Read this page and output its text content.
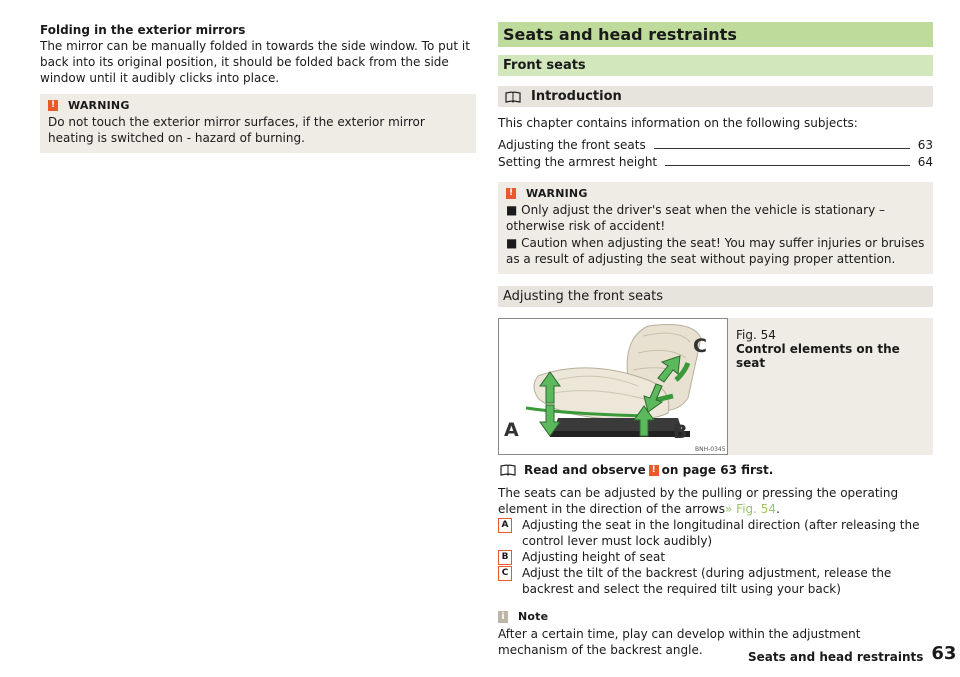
Folding in the exterior mirrors

The mirror can be manually folded in towards the side window. To put it back into its original position, it should be folded back from the side window until it audibly clicks into place.

! WARNING
Do not touch the exterior mirror surfaces, if the exterior mirror heating is switched on - hazard of burning.
Seats and head restraints
Front seats
Introduction

This chapter contains information on the following subjects:

Adjusting the front seats	63
Setting the armrest height	64
! WARNING
■ Only adjust the driver's seat when the vehicle is stationary – otherwise risk of accident!
■ Caution when adjusting the seat! You may suffer injuries or bruises as a result of adjusting the seat without paying proper attention.
Adjusting the front seats
A	B
C
BNH-0345
Fig. 54
Control elements on the seat
Read and observe ! on page 63 first.

The seats can be adjusted by the pulling or pressing the operating element in the direction of the arrows» Fig. 54.

A Adjusting the seat in the longitudinal direction (after releasing the control lever must lock audibly)
B Adjusting height of seat
C	Adjust the tilt of the backrest (during adjustment, release the backrest and select the required tilt using your back)
i	Note

After a certain time, play can develop within the adjustment mechanism of the backrest angle.	Seats and head restraints 63
